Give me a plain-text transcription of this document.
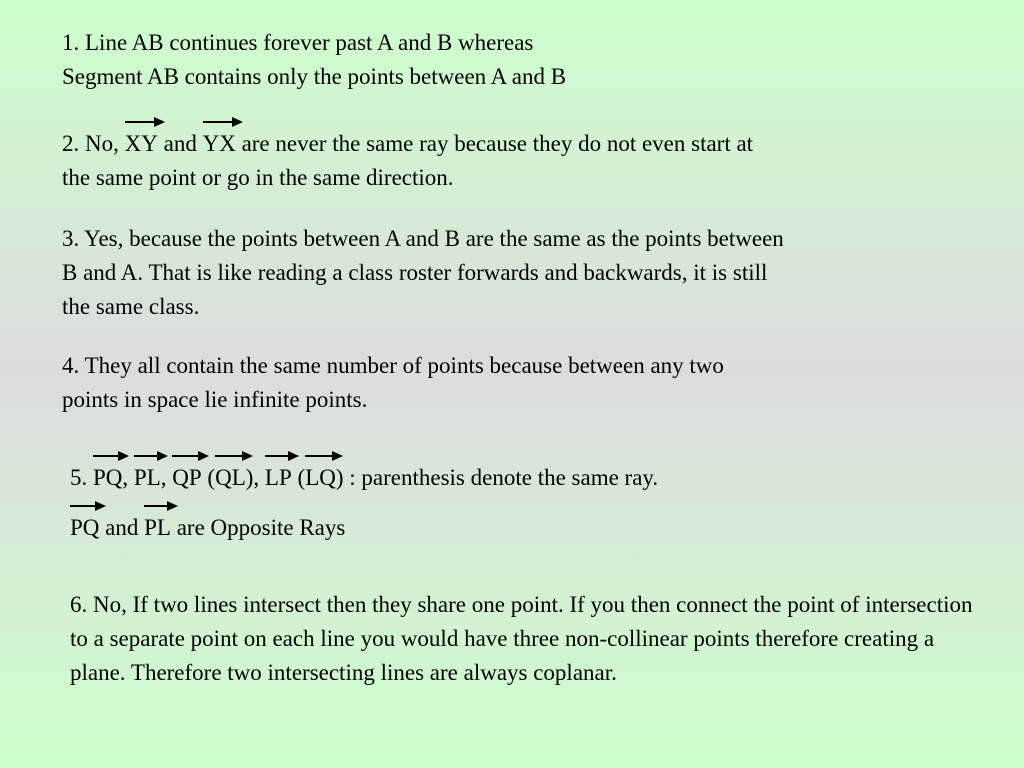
1. Line AB continues forever past A and B whereas
Segment AB contains only the points between A and B
2. No, XY and YX are never the same ray because they do not even start at
the same point or go in the same direction.
3. Yes, because the points between A and B are the same as the points between
B and A. That is like reading a class roster forwards and backwards, it is still
the same class.
4. They all contain the same number of points because between any two
points in space lie infinite points.
5. PQ, PL, QP (QL), LP (LQ) : parenthesis denote the same ray.
PQ and PL are Opposite Rays
6. No, If two lines intersect then they share one point. If you then connect the point of intersection to a separate point on each line you would have three non-collinear points therefore creating a plane. Therefore two intersecting lines are always coplanar.
